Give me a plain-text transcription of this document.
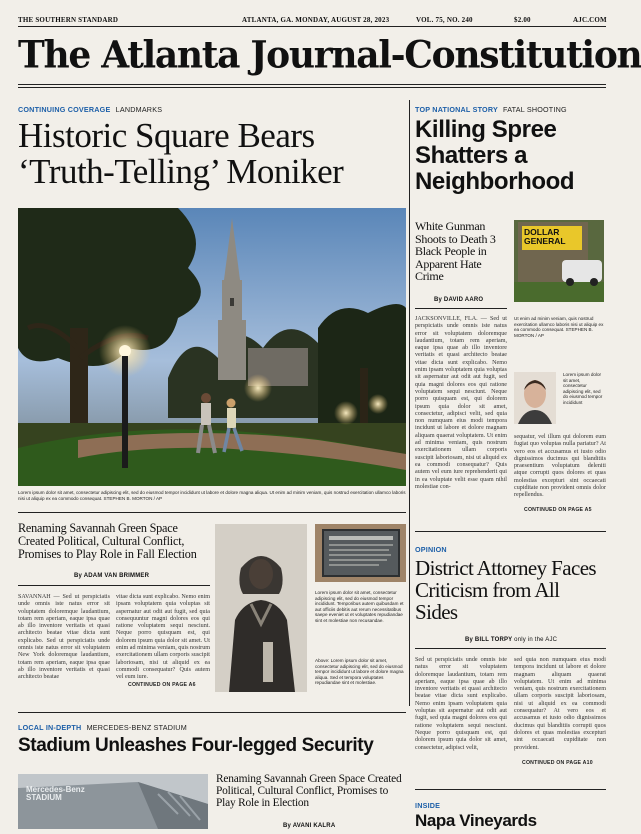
THE SOUTHERN STANDARD	ATLANTA, GA. MONDAY, AUGUST 28, 2023	VOL. 75, NO. 240	$2.00	AJC.COM
The Atlanta Journal-Constitution
CONTINUING COVERAGE LANDMARKS
Historic Square Bears ‘Truth-Telling’ Moniker
Lorem ipsum dolor sit amet, consectetur adipiscing elit, sed do eiusmod tempor incididunt ut labore et dolore magna aliqua. Ut enim ad minim veniam, quis nostrud exercitation ullamco laboris nisi ut aliquip ex ea commodo consequat. STEPHEN B. MORTON / AP
Renaming Savannah Green Space Created Political, Cultural Conflict, Promises to Play Role in Fall Election
By ADAM VAN BRIMMER
SAVANNAH — Sed ut perspiciatis unde omnis iste natus error sit voluptatem doloremque laudantium, totam rem aperiam, eaque ipsa quae ab illo inventore veritatis et quasi architecto beatae vitae dicta sunt explicabo. Sed ut perspiciatis unde omnis iste natus error sit voluptatem New York doloremque laudantium, totam rem aperiam, eaque ipsa quae ab illo inventore veritatis et quasi architecto beatae
vitae dicta sunt explicabo. Nemo enim ipsam voluptatem quia voluptas sit aspernatur aut odit aut fugit, sed quia consequuntur magni dolores eos qui ratione voluptatem sequi nesciunt. Neque porro quisquam est, qui dolorem ipsum quia dolor sit amet. Ut enim ad minima veniam, quis nostrum exercitationem ullam corporis suscipit laboriosam, nisi ut aliquid ex ea commodi consequatur? Quis autem vel eum iure.
CONTINUED ON PAGE A6
Lorem ipsum dolor sit amet, consectetur adipiscing elit, sed do eiusmod tempor incididunt. Temporibus autem quibusdam et aut officiis debitis aut rerum necessitatibus saepe eveniet ut et voluptates repudiandae sint et molestiae non recusandae.
Above: Lorem ipsum dolor sit amet, consectetur adipiscing elit, sed do eiusmod tempor incididunt ut labore et dolore magna aliqua. Sed et tempora voluptates repudiandae sint et molestiae.
LOCAL IN-DEPTH MERCEDES-BENZ STADIUM
Stadium Unleashes Four-legged Security
Mercedes-Benz STADIUM
Renaming Savannah Green Space Created Political, Cultural Conflict, Promises to Play Role in Election
By AVANI KALRA
TOP NATIONAL STORY FATAL SHOOTING
Killing Spree Shatters a Neighborhood
White Gunman Shoots to Death 3 Black People in Apparent Hate Crime
By DAVID AARO
DOLLAR
GENERAL
JACKSONVILLE, FLA. — Sed ut perspiciatis unde omnis iste natus error sit voluptatem doloremque laudantium, totam rem aperiam, eaque ipsa quae ab illo inventore veritatis et quasi architecto beatae vitae dicta sunt explicabo. Nemo enim ipsam voluptatem quia voluptas sit aspernatur aut odit aut fugit, sed quia magni dolores eos qui ratione voluptatem sequi nesciunt. Neque porro quisquam est, qui dolorem ipsum quia dolor sit amet, consectetur, adipisci velit, sed quia non numquam eius modi tempora incidunt ut labore et dolore magnam aliquam quaerat voluptatem. Ut enim ad minima veniam, quis nostrum exercitationem ullam corporis suscipit laboriosam, nisi ut aliquid ex ea commodi consequatur? Quis autem vel eum iure reprehenderit qui in ea voluptate velit esse quam nihil molestiae con-
Ut enim ad minim veniam, quis nostrud exercitation ullamco laboris nisi ut aliquip ex ea commodo consequat. STEPHEN B. MORTON / AP
Lorem ipsum dolor sit amet, consectetur adipiscing elit, sed do eiusmod tempor incididunt
sequatur, vel illum qui dolorem eum fugiat quo voluptas nulla pariatur? At vero eos et accusamus et iusto odio dignissimos ducimus qui blanditiis praesentium voluptatum deleniti atque corrupti quos dolores et quas molestias excepturi sint occaecati cupiditate non provident omnis dolor repellendus.
CONTINUED ON PAGE A5
OPINION
District Attorney Faces Criticism from All Sides
By BILL TORPY only in the AJC
Sed ut perspiciatis unde omnis iste natus error sit voluptatem doloremque laudantium, totam rem aperiam, eaque ipsa quae ab illo inventore veritatis et quasi architecto beatae vitae dicta sunt explicabo. Nemo enim ipsam voluptatem quia voluptas sit aspernatur aut odit aut fugit, sed quia magni dolores eos qui ratione voluptatem sequi nesciunt. Neque porro quisquam est, qui dolorem ipsum quia dolor sit amet, consectetur, adipisci velit,
sed quia non numquam eius modi tempora incidunt ut labore et dolore magnam aliquam quaerat voluptatem. Ut enim ad minima veniam, quis nostrum exercitationem ullam corporis suscipit laboriosam, nisi ut aliquid ex ea commodi consequatur? At vero eos et accusamus et iusto odio dignissimos ducimus qui blanditiis corrupti quos dolores et quas molestias excepturi sint occaecati cupiditate non provident.
CONTINUED ON PAGE A10
INSIDE
Napa Vineyards
